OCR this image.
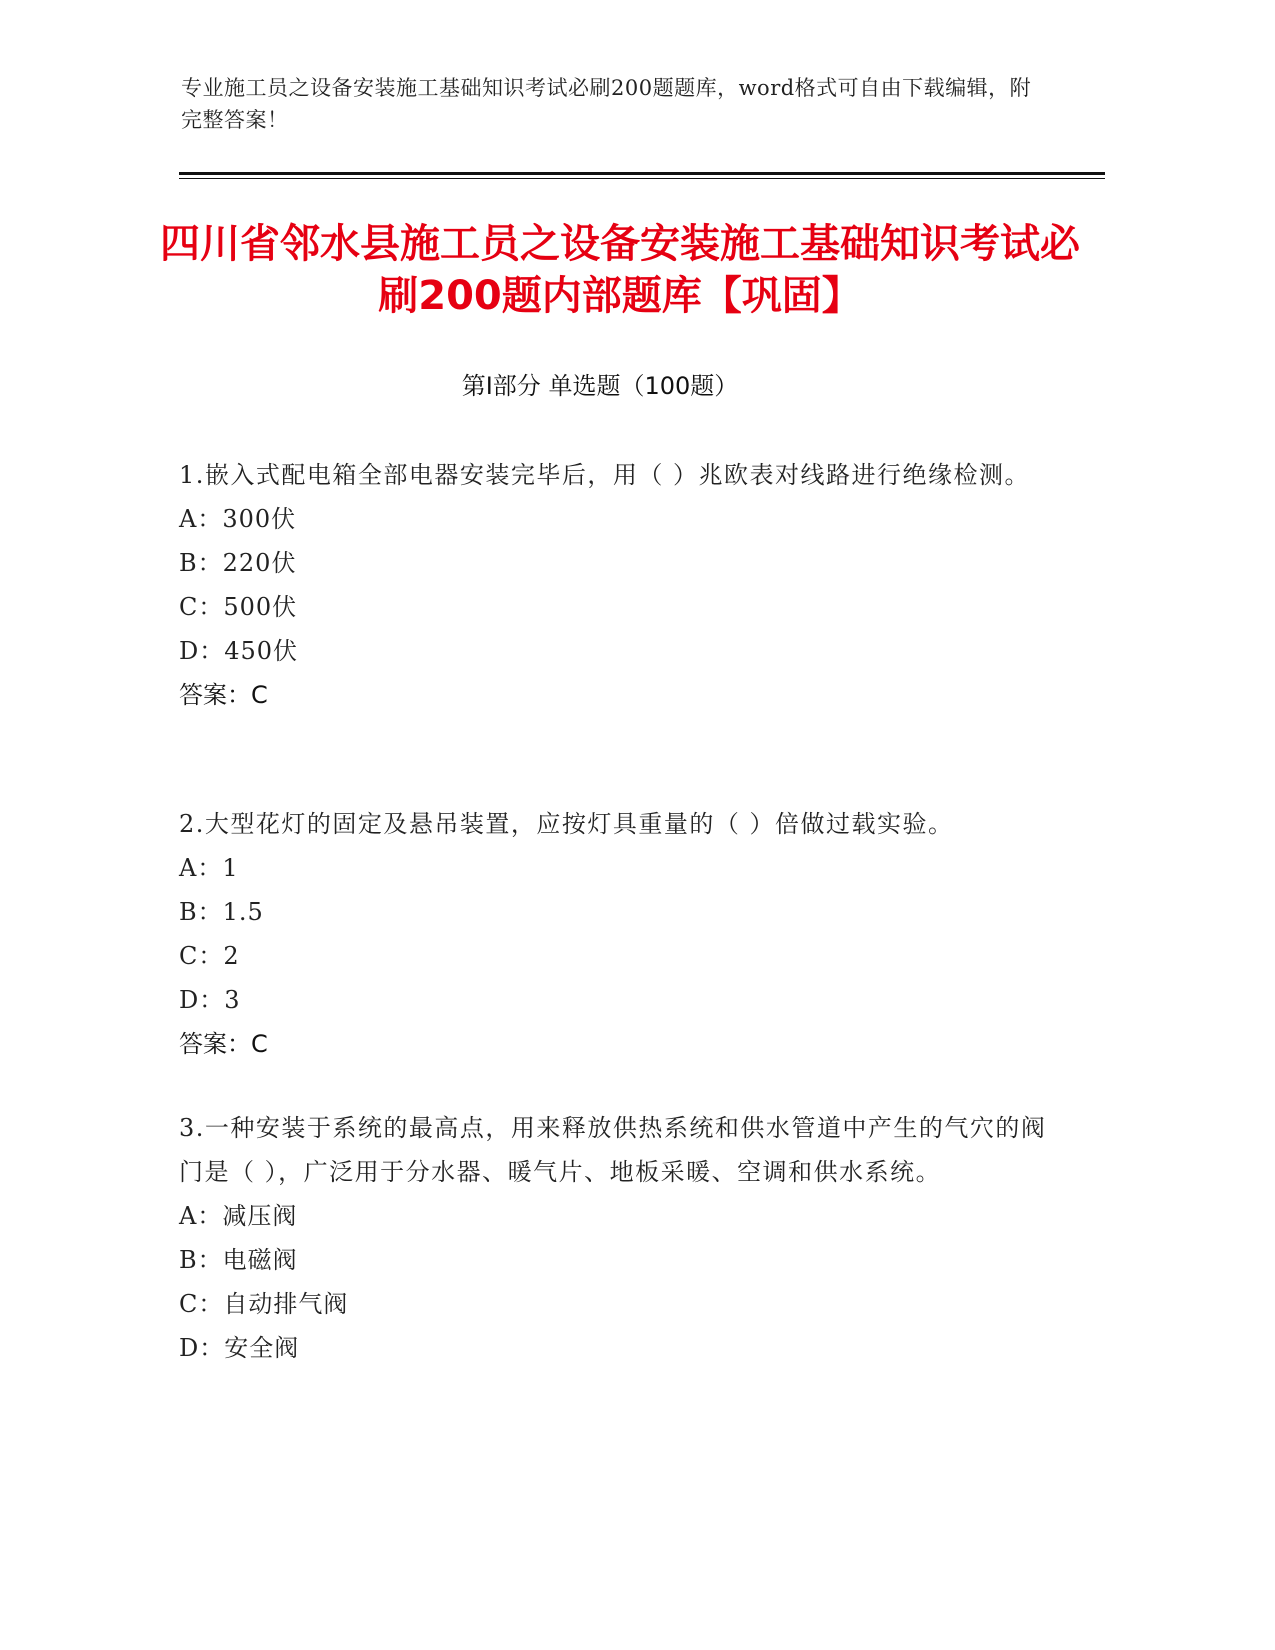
专业施工员之设备安装施工基础知识考试必刷200题题库，word格式可自由下载编辑，附完整答案！
四川省邻水县施工员之设备安装施工基础知识考试必刷200题内部题库【巩固】
第Ⅰ部分 单选题（100题）
1.嵌入式配电箱全部电器安装完毕后，用（ ）兆欧表对线路进行绝缘检测。
A：300伏
B：220伏
C：500伏
D：450伏
答案：C
2.大型花灯的固定及悬吊装置，应按灯具重量的（ ）倍做过载实验。
A：1
B：1.5
C：2
D：3
答案：C
3.一种安装于系统的最高点，用来释放供热系统和供水管道中产生的气穴的阀门是（ ），广泛用于分水器、暖气片、地板采暖、空调和供水系统。
A：减压阀
B：电磁阀
C：自动排气阀
D：安全阀
